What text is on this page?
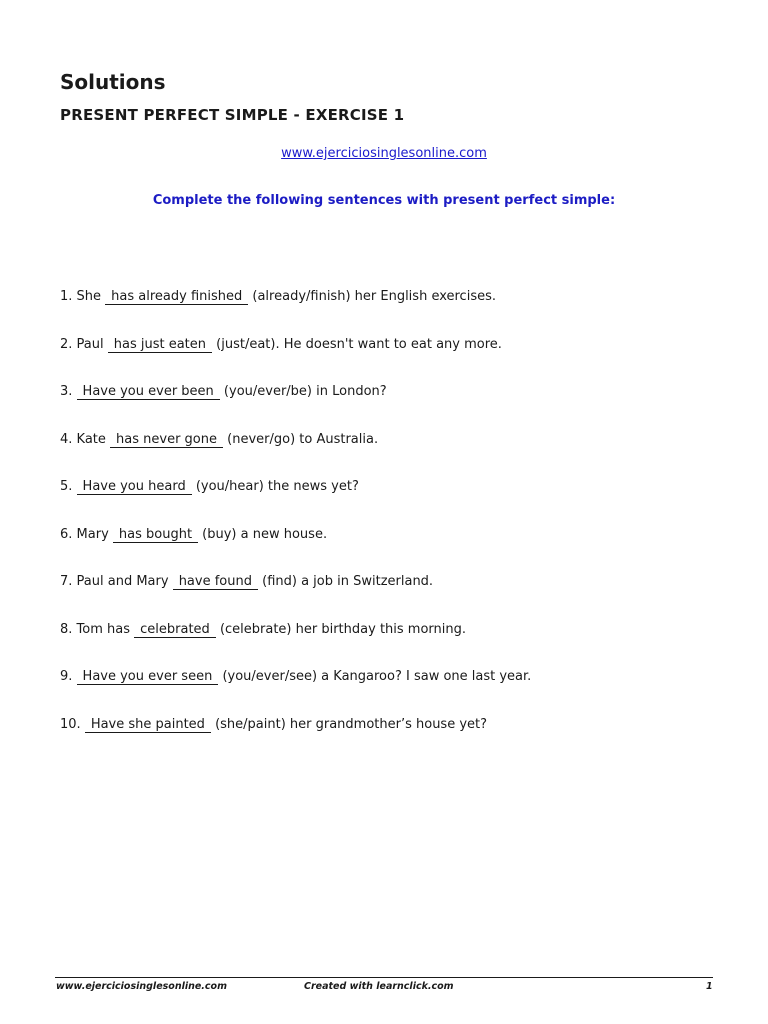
Solutions
PRESENT PERFECT SIMPLE - EXERCISE 1
www.ejerciciosinglesonline.com
Complete the following sentences with present perfect simple:
1. She has already finished (already/finish) her English exercises.
2. Paul has just eaten (just/eat). He doesn't want to eat any more.
3. Have you ever been (you/ever/be) in London?
4. Kate has never gone (never/go) to Australia.
5. Have you heard (you/hear) the news yet?
6. Mary has bought (buy) a new house.
7. Paul and Mary have found (find) a job in Switzerland.
8. Tom has celebrated (celebrate) her birthday this morning.
9. Have you ever seen (you/ever/see) a Kangaroo? I saw one last year.
10. Have she painted (she/paint) her grandmother’s house yet?
www.ejerciciosinglesonline.com	Created with learnclick.com	1
